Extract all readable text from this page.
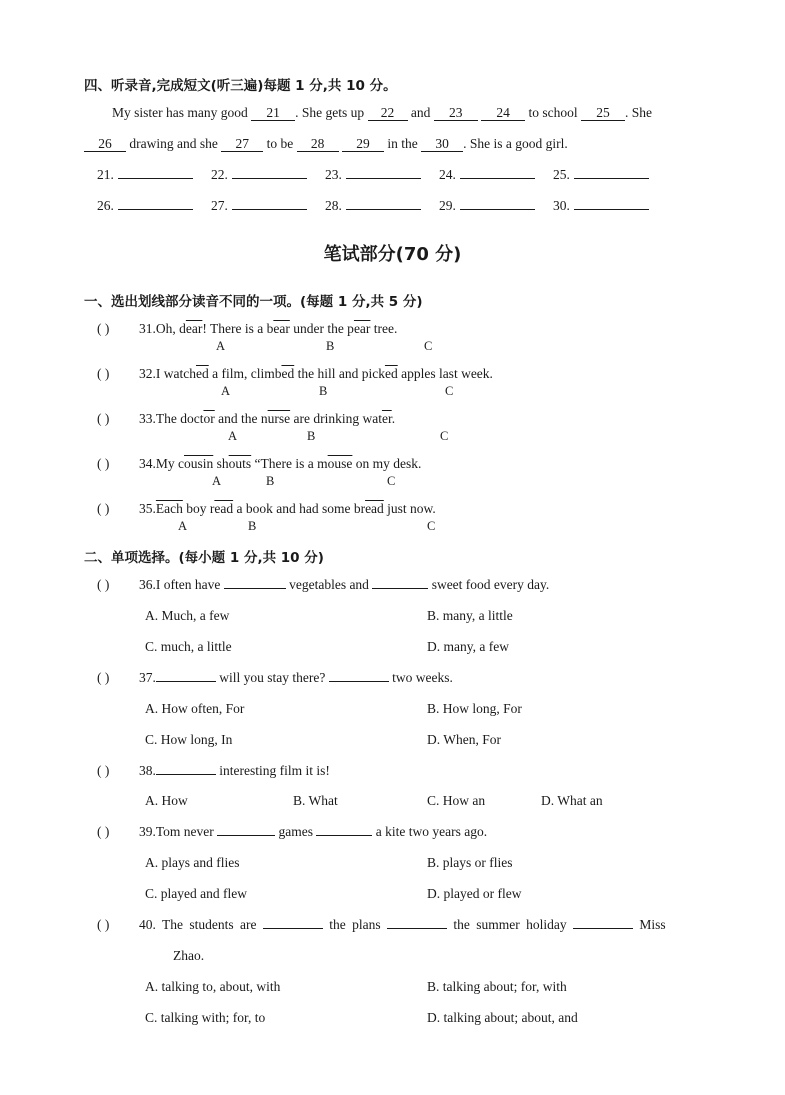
四、听录音,完成短文(听三遍)每题 1 分,共 10 分。
My sister has many good 21 . She gets up 22 and 23	24 to school 25 . She
26 drawing and she 27 to be 28 29 in the 30 . She is a good girl.
21.	22.	23.	24.	25.
26.	27.	28.	29.	30.
笔试部分(70 分)
一、选出划线部分读音不同的一项。(每题 1 分,共 5 分)
( ) 31.Oh, $d\overline{ear}$! There is a $b\overline{ear}$ under the $p\overline{ear}$ tree.
A	B	C
( ) 32.I $watch\overline{ed}$ a film, $climb\overline{ed}$ the hill and $pick\overline{ed}$ apples last week.
A	B	C
( ) 33.The $doct\overline{or}$ and the nurse are drinking $wat\overline{er}$.
A	B	C
( ) 34.My cousin shouts “There is a mouse on my desk.
A	B	C
( ) 35.Each boy $r\overline{ead}$ a book and had some $br\overline{ead}$ just now.
A	B	C
二、单项选择。(每小题 1 分,共 10 分)
( ) 36.I often have	vegetables and	sweet food every day.
A. Much, a few	B. many, a little
C. much, a little	D. many, a few
( ) 37.	will you stay there?	two weeks.
A. How often, For	B. How long, For
C. How long, In	D. When, For
( ) 38.	interesting film it is!
A. How	B. What	C. How an	D. What an
( ) 39.Tom never	games	a kite two years ago.
A. plays and flies	B. plays or flies
C. played and flew	D. played or flew
( ) 40. The students are	the plans	the summer holiday	Miss
Zhao.
A. talking to, about, with	B. talking about; for, with
C. talking with; for, to	D. talking about; about, and
